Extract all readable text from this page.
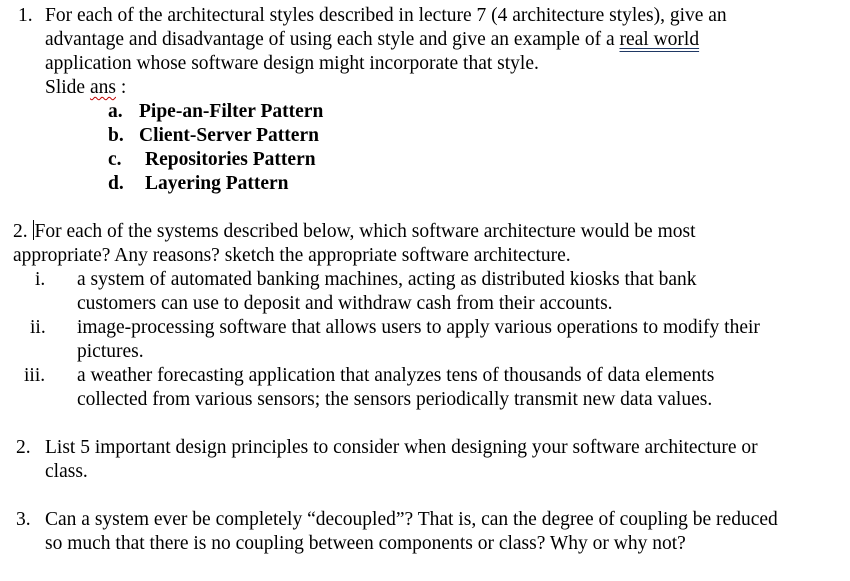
1. For each of the architectural styles described in lecture 7 (4 architecture styles), give an
advantage and disadvantage of using each style and give an example of a real world
application whose software design might incorporate that style.
Slide ans :
a. Pipe-an-Filter Pattern
b. Client-Server Pattern
c. Repositories Pattern
d. Layering Pattern
2. For each of the systems described below, which software architecture would be most
appropriate? Any reasons? sketch the appropriate software architecture.
i. a system of automated banking machines, acting as distributed kiosks that bank
customers can use to deposit and withdraw cash from their accounts.
ii. image-processing software that allows users to apply various operations to modify their
pictures.
iii. a weather forecasting application that analyzes tens of thousands of data elements
collected from various sensors; the sensors periodically transmit new data values.
2. List 5 important design principles to consider when designing your software architecture or
class.
3. Can a system ever be completely “decoupled”? That is, can the degree of coupling be reduced
so much that there is no coupling between components or class? Why or why not?
